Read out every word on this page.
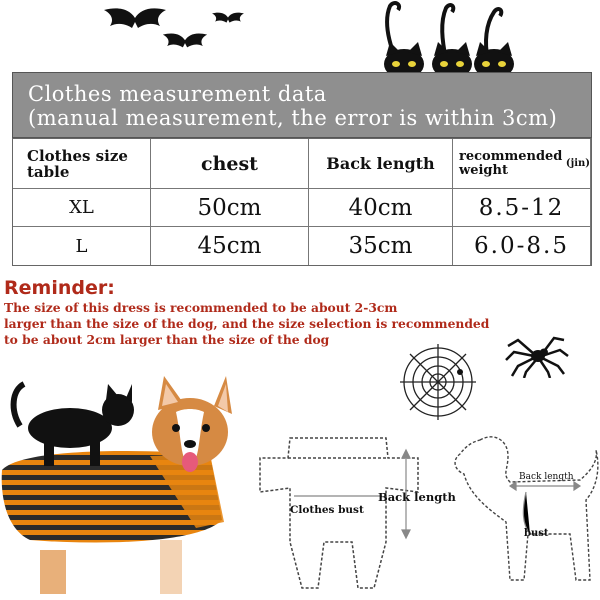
Clothes measurement data
(manual measurement, the error is within 3cm)
Clothes size table	chest	Back length	recommended weight	(jin)
XL	50cm	40cm	8.5-12
L	45cm	35cm	6.0-8.5
Reminder:
The size of this dress is recommended to be about 2-3cm
larger than the size of the dog, and the size selection is recommended
to be about 2cm larger than the size of the dog
Back length
Clothes bust
Back length
bust
